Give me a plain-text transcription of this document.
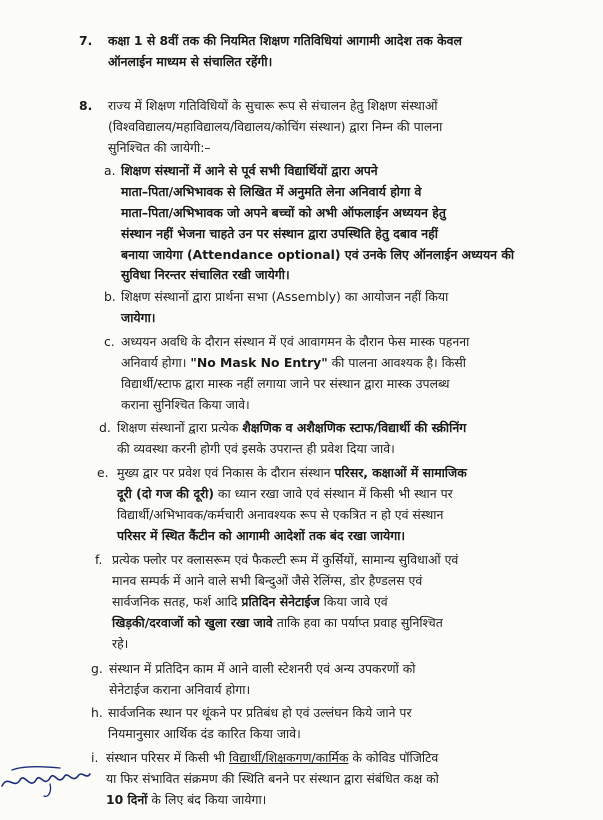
7. कक्षा 1 से 8वीं तक की नियमित शिक्षण गतिविधियां आगामी आदेश तक केवल
ऑनलाईन माध्यम से संचालित रहेंगी।
8. राज्य में शिक्षण गतिविधियों के सुचारू रूप से संचालन हेतु शिक्षण संस्थाओं
(विश्वविद्यालय/महाविद्यालय/विद्यालय/कोचिंग संस्थान) द्वारा निम्न की पालना
सुनिश्चित की जायेगी:–
a. शिक्षण संस्थानों में आने से पूर्व सभी विद्यार्थियों द्वारा अपने
माता–पिता/अभिभावक से लिखित में अनुमति लेना अनिवार्य होगा वे
माता–पिता/अभिभावक जो अपने बच्चों को अभी ऑफलाईन अध्ययन हेतु
संस्थान नहीं भेजना चाहते उन पर संस्थान द्वारा उपस्थिति हेतु दबाव नहीं
बनाया जायेगा (Attendance optional) एवं उनके लिए ऑनलाईन अध्ययन की
सुविधा निरन्तर संचालित रखी जायेगी।
b. शिक्षण संस्थानों द्वारा प्रार्थना सभा (Assembly) का आयोजन नहीं किया
जायेगा।
c. अध्ययन अवधि के दौरान संस्थान में एवं आवागमन के दौरान फेस मास्क पहनना
अनिवार्य होगा। "No Mask No Entry" की पालना आवश्यक है। किसी
विद्यार्थी/स्टाफ द्वारा मास्क नहीं लगाया जाने पर संस्थान द्वारा मास्क उपलब्ध
कराना सुनिश्चित किया जावे।
d. शिक्षण संस्थानों द्वारा प्रत्येक शैक्षणिक व अशैक्षणिक स्टाफ/विद्यार्थी की स्क्रीनिंग
की व्यवस्था करनी होगी एवं इसके उपरान्त ही प्रवेश दिया जावे।
e. मुख्य द्वार पर प्रवेश एवं निकास के दौरान संस्थान परिसर, कक्षाओं में सामाजिक
दूरी (दो गज की दूरी) का ध्यान रखा जावे एवं संस्थान में किसी भी स्थान पर
विद्यार्थी/अभिभावक/कर्मचारी अनावश्यक रूप से एकत्रित न हो एवं संस्थान
परिसर में स्थित कैंटीन को आगामी आदेशों तक बंद रखा जायेगा।
f. प्रत्येक फ्लोर पर क्लासरूम एवं फैकल्टी रूम में कुर्सियों, सामान्य सुविधाओं एवं
मानव सम्पर्क में आने वाले सभी बिन्दुओं जैसे रेलिंग्स, डोर हैण्डलस एवं
सार्वजनिक सतह, फर्श आदि प्रतिदिन सेनेटाईज किया जावे एवं
खिड़की/दरवाजों को खुला रखा जावे ताकि हवा का पर्याप्त प्रवाह सुनिश्चित
रहे।
g. संस्थान में प्रतिदिन काम में आने वाली स्टेशनरी एवं अन्य उपकरणों को
सेनेटाईज कराना अनिवार्य होगा।
h. सार्वजनिक स्थान पर थूंकने पर प्रतिबंध हो एवं उल्लंघन किये जाने पर
नियमानुसार आर्थिक दंड कारित किया जावे।
i. संस्थान परिसर में किसी भी विद्यार्थी/शिक्षकगण/कार्मिक के कोविड पॉजिटिव
या फिर संभावित संक्रमण की स्थिति बनने पर संस्थान द्वारा संबंधित कक्ष को
10 दिनों के लिए बंद किया जायेगा।
